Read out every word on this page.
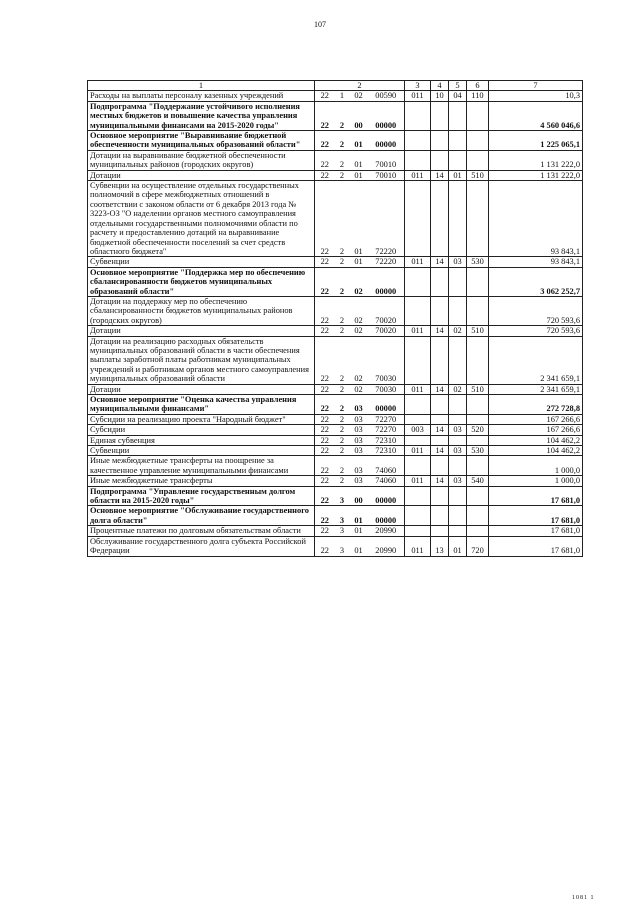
107
1	2				3	4	5	6	7
Расходы на выплаты персоналу казенных учреждений	22	1	02	00590	011	10	04	110	10,3
Подпрограмма "Поддержание устойчивого исполнения местных бюджетов и повышение качества управления муниципальными финансами на 2015-2020 годы"	22	2	00	00000					4 560 046,6
Основное мероприятие "Выравнивание бюджетной обеспеченности муниципальных образований области"	22	2	01	00000					1 225 065,1
Дотации на выравнивание бюджетной обеспеченности муниципальных районов (городских округов)	22	2	01	70010					1 131 222,0
Дотации	22	2	01	70010	011	14	01	510	1 131 222,0
Субвенции на осуществление отдельных государственных полномочий в сфере межбюджетных отношений в соответствии с законом области от 6 декабря 2013 года № 3223-ОЗ "О наделении органов местного самоуправления отдельными государственными полномочиями области по расчету и предоставлению дотаций на выравнивание бюджетной обеспеченности поселений за счет средств областного бюджета"	22	2	01	72220					93 843,1
Субвенции	22	2	01	72220	011	14	03	530	93 843,1
Основное мероприятие "Поддержка мер по обеспечению сбалансированности бюджетов муниципальных образований области"	22	2	02	00000					3 062 252,7
Дотации на поддержку мер по обеспечению сбалансированности бюджетов муниципальных районов (городских округов)	22	2	02	70020					720 593,6
Дотации	22	2	02	70020	011	14	02	510	720 593,6
Дотации на реализацию расходных обязательств муниципальных образований области в части обеспечения выплаты заработной платы работникам муниципальных учреждений и работникам органов местного самоуправления муниципальных образований области	22	2	02	70030					2 341 659,1
Дотации	22	2	02	70030	011	14	02	510	2 341 659,1
Основное мероприятие "Оценка качества управления муниципальными финансами"	22	2	03	00000					272 728,8
Субсидии на реализацию проекта "Народный бюджет"	22	2	03	72270					167 266,6
Субсидии	22	2	03	72270	003	14	03	520	167 266,6
Единая субвенция	22	2	03	72310					104 462,2
Субвенции	22	2	03	72310	011	14	03	530	104 462,2
Иные межбюджетные трансферты на поощрение за качественное управление муниципальными финансами	22	2	03	74060					1 000,0
Иные межбюджетные трансферты	22	2	03	74060	011	14	03	540	1 000,0
Подпрограмма "Управление государственным долгом области на 2015-2020 годы"	22	3	00	00000					17 681,0
Основное мероприятие "Обслуживание государственного долга области"	22	3	01	00000					17 681,0
Процентные платежи по долговым обязательствам области	22	3	01	20990					17 681,0
Обслуживание государственного долга субъекта Российской Федерации	22	3	01	20990	011	13	01	720	17 681,0
1081 1
